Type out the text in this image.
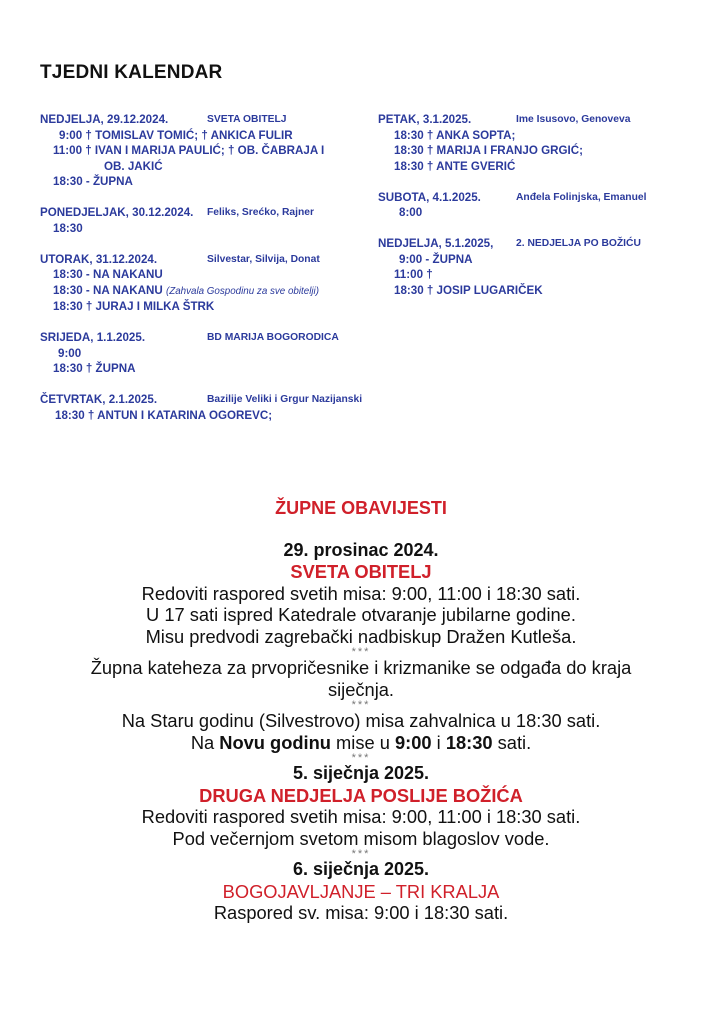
TJEDNI KALENDAR
NEDJELJA, 29.12.2024.	SVETA OBITELJ
9:00 † TOMISLAV TOMIĆ; † ANKICA FULIR
11:00 † IVAN I MARIJA PAULIĆ; † OB. ČABRAJA I
OB. JAKIĆ
18:30 - ŽUPNA
PONEDJELJAK, 30.12.2024. Feliks, Srećko, Rajner
18:30
UTORAK, 31.12.2024.	Silvestar, Silvija, Donat
18:30 - NA NAKANU
18:30 - NA NAKANU (Zahvala Gospodinu za sve obitelji)
18:30 † JURAJ I MILKA ŠTRK
SRIJEDA, 1.1.2025.	BD MARIJA BOGORODICA
9:00
18:30 † ŽUPNA
ČETVRTAK, 2.1.2025.	Bazilije Veliki i Grgur Nazijanski
18:30 † ANTUN I KATARINA OGOREVC;
PETAK, 3.1.2025.	Ime Isusovo, Genoveva
18:30 † ANKA SOPTA;
18:30 † MARIJA I FRANJO GRGIĆ;
18:30 † ANTE GVERIĆ
SUBOTA, 4.1.2025.	Anđela Folinjska, Emanuel
8:00
NEDJELJA, 5.1.2025, 2. NEDJELJA PO BOŽIĆU
9:00 - ŽUPNA
11:00 †
18:30 † JOSIP LUGARIČEK
ŽUPNE OBAVIJESTI
29. prosinac 2024.
SVETA OBITELJ
Redoviti raspored svetih misa: 9:00, 11:00 i 18:30 sati.
U 17 sati ispred Katedrale otvaranje jubilarne godine.
Misu predvodi zagrebački nadbiskup Dražen Kutleša.
***
Župna kateheza za prvopričesnike i krizmanike se odgađa do kraja
siječnja.
***
Na Staru godinu (Silvestrovo) misa zahvalnica u 18:30 sati.
Na Novu godinu mise u 9:00 i 18:30 sati.
***
5. siječnja 2025.
DRUGA NEDJELJA POSLIJE BOŽIĆA
Redoviti raspored svetih misa: 9:00, 11:00 i 18:30 sati.
Pod večernjom svetom misom blagoslov vode.
***
6. siječnja 2025.
BOGOJAVLJANJE – TRI KRALJA
Raspored sv. misa: 9:00 i 18:30 sati.
